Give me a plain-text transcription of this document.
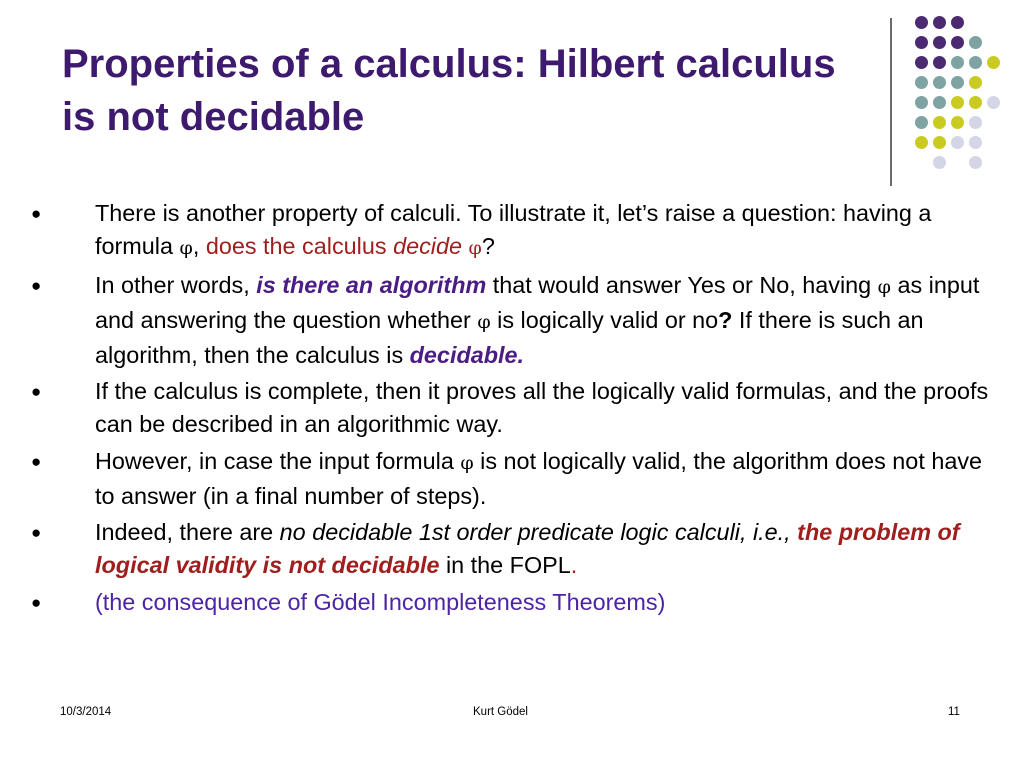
Properties of a calculus: Hilbert calculus is not decidable
● There is another property of calculi. To illustrate it, let’s raise a question: having a formula φ, does the calculus decide φ?
● In other words, is there an algorithm that would answer Yes or No, having φ as input and answering the question whether φ is logically valid or no? If there is such an algorithm, then the calculus is decidable.
● If the calculus is complete, then it proves all the logically valid formulas, and the proofs can be described in an algorithmic way.
● However, in case the input formula φ is not logically valid, the algorithm does not have to answer (in a final number of steps).
● Indeed, there are no decidable 1st order predicate logic calculi, i.e., the problem of logical validity is not decidable in the FOPL.
● (the consequence of Gödel Incompleteness Theorems)
10/3/2014	Kurt Gödel	11
